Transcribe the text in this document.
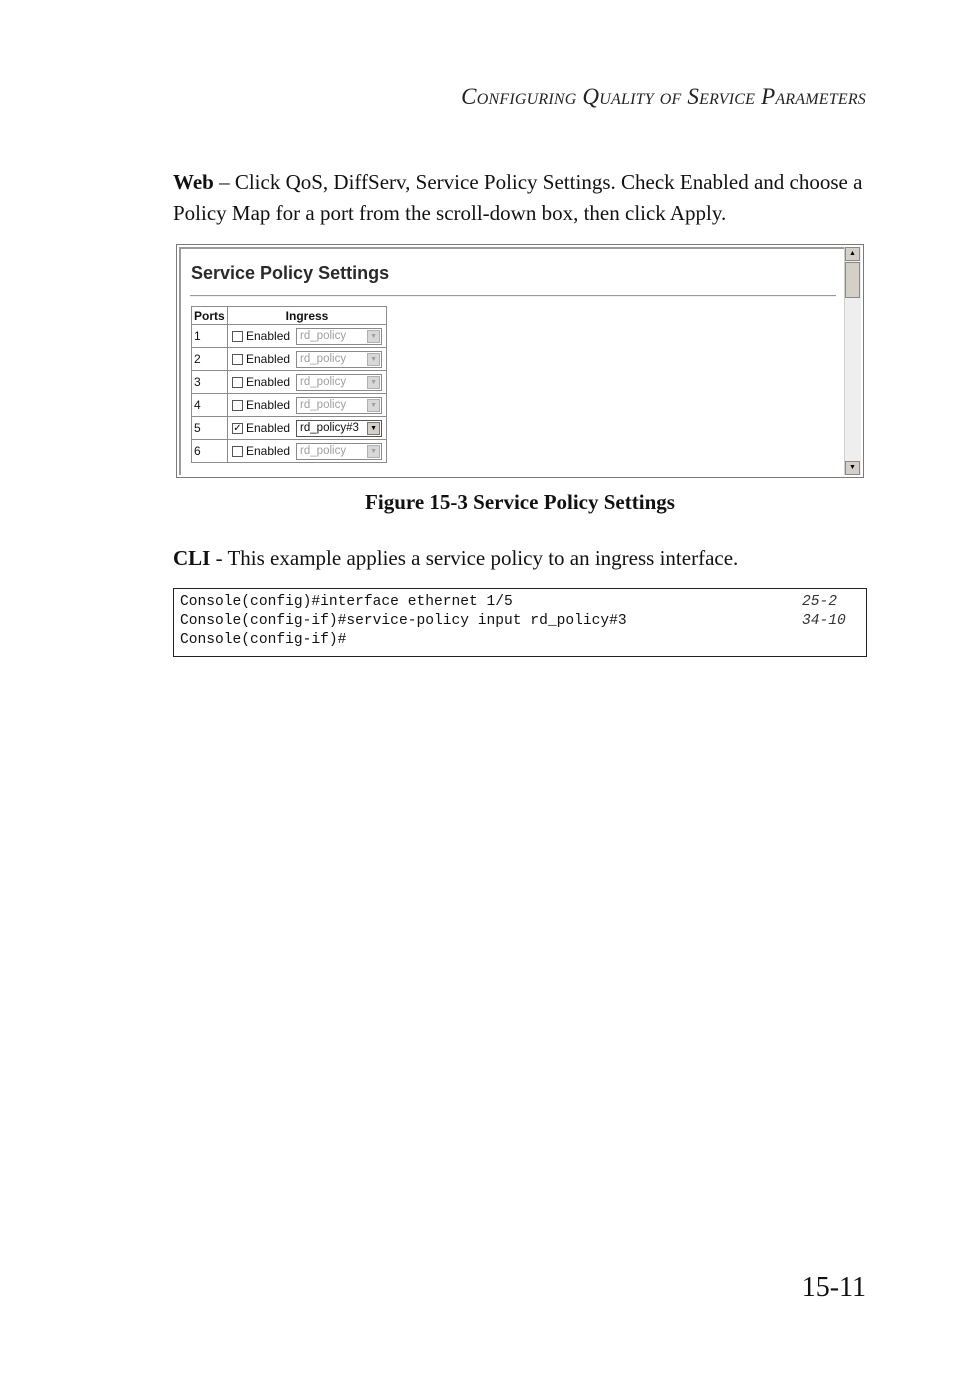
Configuring Quality of Service Parameters
Web – Click QoS, DiffServ, Service Policy Settings. Check Enabled and choose a Policy Map for a port from the scroll-down box, then click Apply.
Service Policy Settings
Ports	Ingress
1	Enabled rd_policy ▼

2	Enabled rd_policy ▼

3	Enabled rd_policy ▼

4	Enabled rd_policy ▼

5	✓ Enabled rd_policy#3 ▼

6	Enabled rd_policy ▼
▲
▼
Figure 15-3 Service Policy Settings
CLI - This example applies a service policy to an ingress interface.
Console(config)#interface ethernet 1/5	25-2
Console(config-if)#service-policy input rd_policy#3	34-10
Console(config-if)#
15-11
